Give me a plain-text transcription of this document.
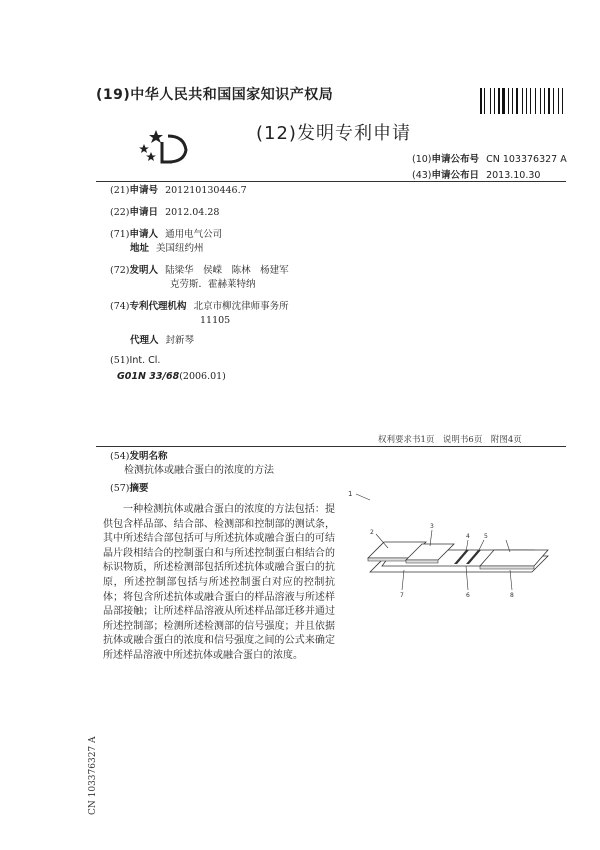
(19)中华人民共和国国家知识产权局
(12)发明专利申请
(10)申请公布号 CN 103376327 A
(43)申请公布日 2013.10.30
(21)申请号 201210130446.7
(22)申请日 2012.04.28
(71)申请人 通用电气公司
地址 美国纽约州
(72)发明人 陆梁华　侯嵘　陈林　杨建军
克劳斯．霍赫莱特纳
(74)专利代理机构 北京市柳沈律师事务所
11105
代理人 封新琴
(51)Int. Cl.
G01N 33/68(2006.01)
权利要求书1页　说明书6页　附图4页
(54)发明名称
检测抗体或融合蛋白的浓度的方法
(57)摘要
一种检测抗体或融合蛋白的浓度的方法包括：提供包含样品部、结合部、检测部和控制部的测试条，其中所述结合部包括可与所述抗体或融合蛋白的可结晶片段相结合的控制蛋白和与所述控制蛋白相结合的标识物质，所述检测部包括所述抗体或融合蛋白的抗原，所述控制部包括与所述控制蛋白对应的控制抗体；将包含所述抗体或融合蛋白的样品溶液与所述样品部接触；让所述样品溶液从所述样品部迁移并通过所述控制部；检测所述检测部的信号强度；并且依据抗体或融合蛋白的浓度和信号强度之间的公式来确定所述样品溶液中所述抗体或融合蛋白的浓度。
1
2
3
4 5
6
7	8
CN 103376327 A
